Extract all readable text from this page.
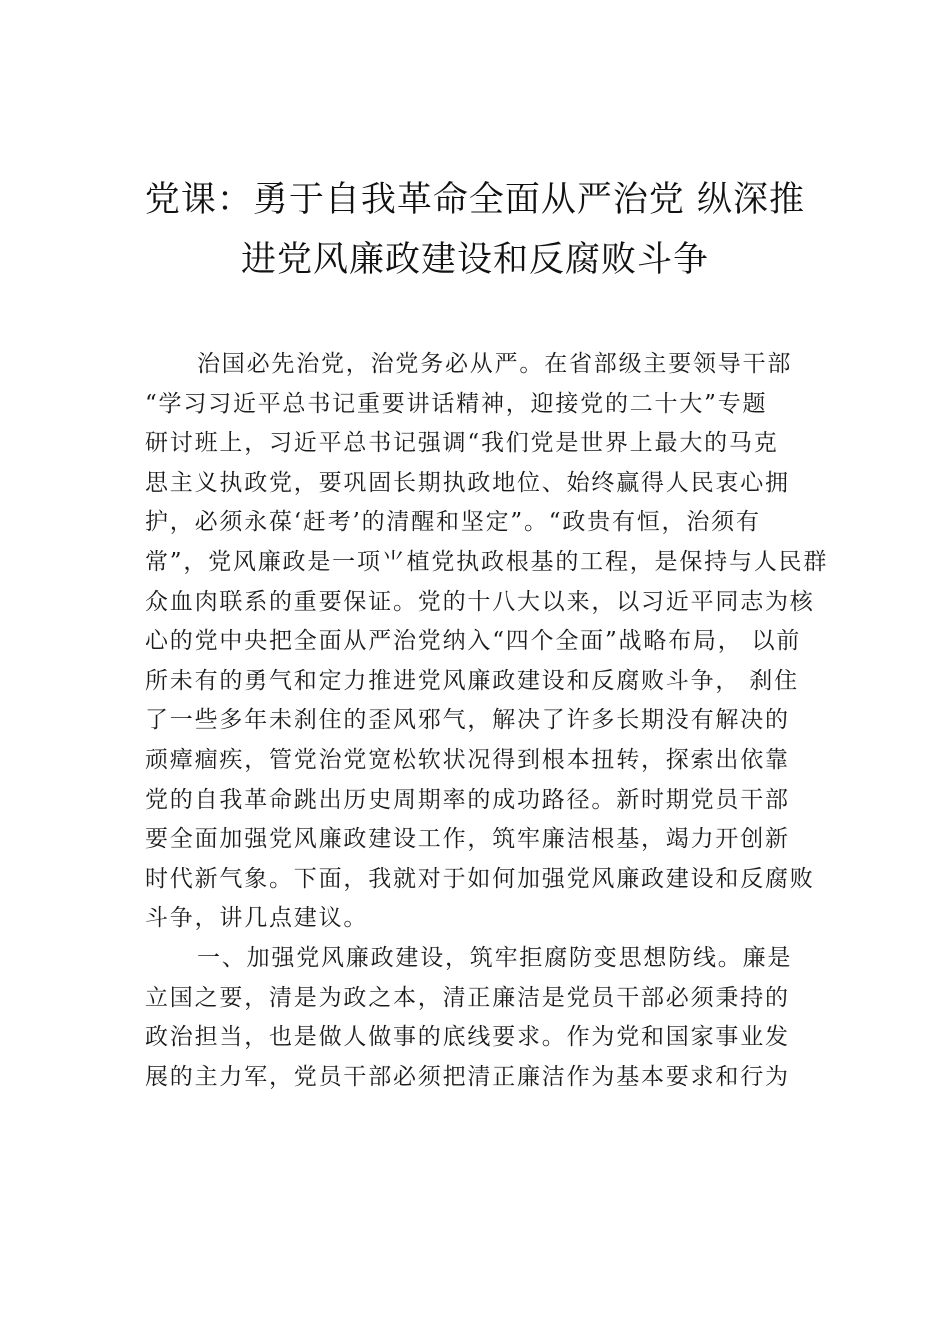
党课：勇于自我革命全面从严治党 纵深推
进党风廉政建设和反腐败斗争
治国必先治党，治党务必从严。在省部级主要领导干部
“学习习近平总书记重要讲话精神，迎接党的二十大”专题
研讨班上，习近平总书记强调“我们党是世界上最大的马克
思主义执政党，要巩固长期执政地位、始终赢得人民衷心拥
护，必须永葆‘赶考’的清醒和坚定”。“政贵有恒，治须有
常”，党风廉政是一项⺌植党执政根基的工程，是保持与人民群
众血肉联系的重要保证。党的十八大以来，以习近平同志为核
心的党中央把全面从严治党纳入“四个全面”战略布局， 以前
所未有的勇气和定力推进党风廉政建设和反腐败斗争， 刹住
了一些多年未刹住的歪风邪气，解决了许多长期没有解决的
顽瘴痼疾，管党治党宽松软状况得到根本扭转，探索出依靠
党的自我革命跳出历史周期率的成功路径。新时期党员干部
要全面加强党风廉政建设工作，筑牢廉洁根基，竭力开创新
时代新气象。下面，我就对于如何加强党风廉政建设和反腐败
斗争，讲几点建议。
一、加强党风廉政建设，筑牢拒腐防变思想防线。廉是
立国之要，清是为政之本，清正廉洁是党员干部必须秉持的
政治担当，也是做人做事的底线要求。作为党和国家事业发
展的主力军，党员干部必须把清正廉洁作为基本要求和行为
